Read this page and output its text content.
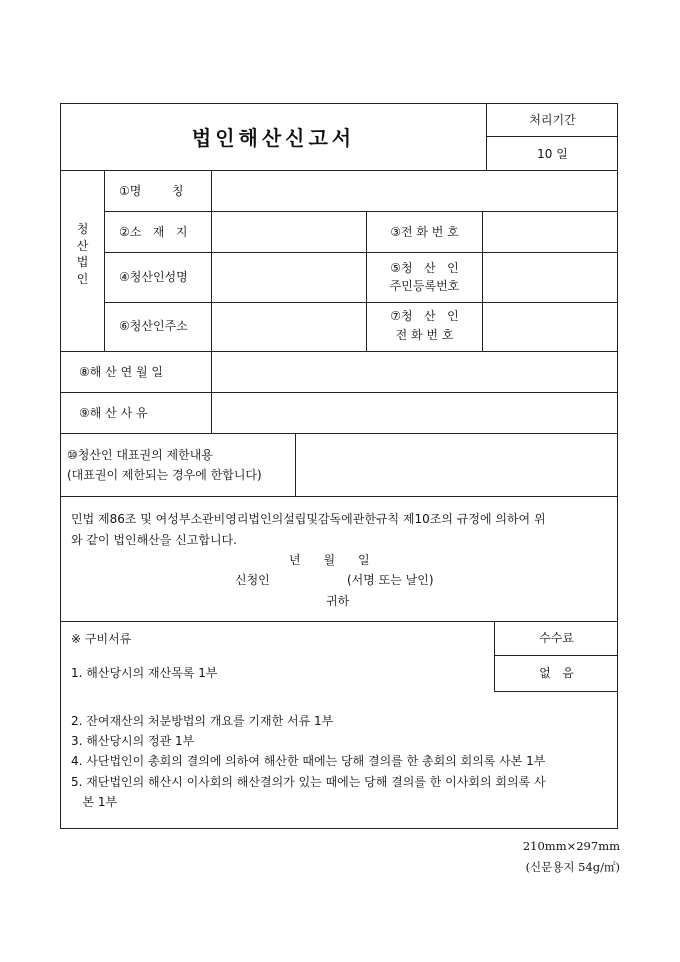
법인해산신고서
처리기간
10 일
청
산
법
인
①명        칭
②소   재   지	③전 화 번 호
④청산인성명
⑤청   산   인
주민등록번호
⑥청산인주소
⑦청   산   인
전 화 번 호
⑧해 산 연 월 일
⑨해 산 사 유
⑩청산인 대표권의 제한내용
(대표권이 제한되는 경우에 한합니다)
민법 제86조 및 여성부소관비영리법인의설립및감독에관한규칙 제10조의 규정에 의하여 위
와 같이 법인해산을 신고합니다.
년      월      일
신청인	(서명 또는 날인)
귀하
※ 구비서류
1. 해산당시의 재산목록 1부
2. 잔여재산의 처분방법의 개요를 기재한 서류 1부
3. 해산당시의 정관 1부
4. 사단법인이 총회의 결의에 의하여 해산한 때에는 당해 결의를 한 총회의 회의록 사본 1부
5. 재단법인의 해산시 이사회의 해산결의가 있는 때에는 당해 결의를 한 이사회의 회의록 사
본 1부
수수료
없   음
210mm×297mm
(신문용지 54g/㎡)
